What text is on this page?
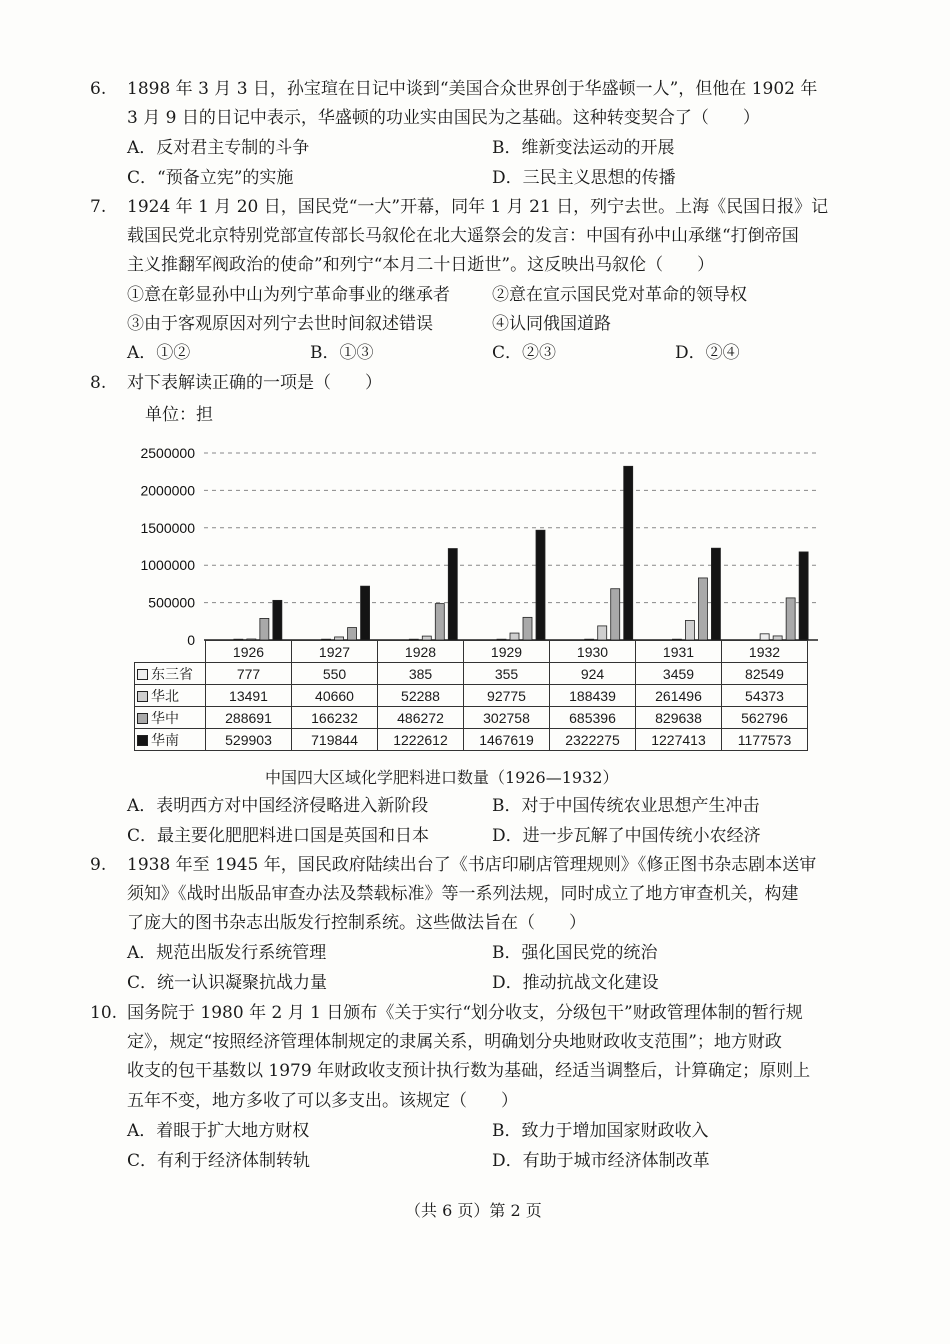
6. 1898 年 3 月 3 日，孙宝瑄在日记中谈到“美国合众世界创于华盛顿一人”，但他在 1902 年
3 月 9 日的日记中表示，华盛顿的功业实由国民为之基础。这种转变契合了（　　）
A．反对君主专制的斗争	B．维新变法运动的开展
C．“预备立宪”的实施	D．三民主义思想的传播
7. 1924 年 1 月 20 日，国民党“一大”开幕，同年 1 月 21 日，列宁去世。上海《民国日报》记
载国民党北京特别党部宣传部长马叙伦在北大遥祭会的发言：中国有孙中山承继“打倒帝国
主义推翻军阀政治的使命”和列宁“本月二十日逝世”。这反映出马叙伦（　　）
①意在彰显孙中山为列宁革命事业的继承者 ②意在宣示国民党对革命的领导权
③由于客观原因对列宁去世时间叙述错误	④认同俄国道路
A．①②	B．①③	C．②③	D．②④
8. 对下表解读正确的一项是（　　）
单位：担
2500000
2000000
1500000
1000000
500000
0
	1926	1927	1928	1929	1930	1931	1932
东三省	777	550	385	355	924	3459	82549
华北	13491	40660	52288	92775	188439	261496	54373
华中	288691	166232	486272	302758	685396	829638	562796
华南	529903	719844	1222612	1467619	2322275	1227413	1177573
中国四大区域化学肥料进口数量（1926—1932）
A．表明西方对中国经济侵略进入新阶段	B．对于中国传统农业思想产生冲击
C．最主要化肥肥料进口国是英国和日本	D．进一步瓦解了中国传统小农经济
9. 1938 年至 1945 年，国民政府陆续出台了《书店印刷店管理规则》《修正图书杂志剧本送审
须知》《战时出版品审查办法及禁载标准》等一系列法规，同时成立了地方审查机关，构建
了庞大的图书杂志出版发行控制系统。这些做法旨在（　　）
A．规范出版发行系统管理	B．强化国民党的统治
C．统一认识凝聚抗战力量	D．推动抗战文化建设
10. 国务院于 1980 年 2 月 1 日颁布《关于实行“划分收支，分级包干”财政管理体制的暂行规
定》，规定“按照经济管理体制规定的隶属关系，明确划分央地财政收支范围”；地方财政
收支的包干基数以 1979 年财政收支预计执行数为基础，经适当调整后，计算确定；原则上
五年不变，地方多收了可以多支出。该规定（　　）
A．着眼于扩大地方财权	B．致力于增加国家财政收入
C．有利于经济体制转轨	D．有助于城市经济体制改革
（共 6 页）第 2 页
